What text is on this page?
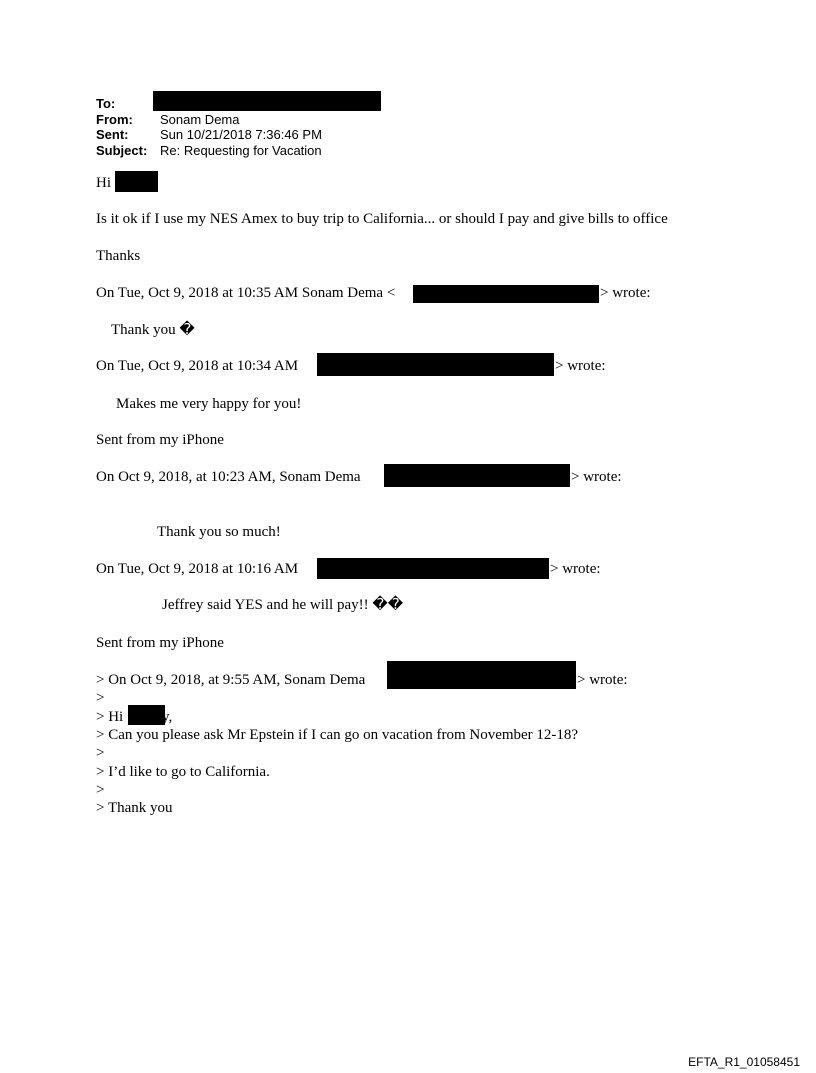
To:
From: Sonam Dema
Sent: Sun 10/21/2018 7:36:46 PM
Subject: Re: Requesting for Vacation
Hi
Is it ok if I use my NES Amex to buy trip to California... or should I pay and give bills to office
Thanks
On Tue, Oct 9, 2018 at 10:35 AM Sonam Dema <	> wrote:
Thank you �
On Tue, Oct 9, 2018 at 10:34 AM	> wrote:
Makes me very happy for you!
Sent from my iPhone
On Oct 9, 2018, at 10:23 AM, Sonam Dema	> wrote:
Thank you so much!
On Tue, Oct 9, 2018 at 10:16 AM	> wrote:
Jeffrey said YES and he will pay!! ��
Sent from my iPhone
> On Oct 9, 2018, at 9:55 AM, Sonam Dema	> wrote:
>
> Hi	y,
> Can you please ask Mr Epstein if I can go on vacation from November 12-18?
>
> I’d like to go to California.
>
> Thank you
EFTA_R1_01058451
